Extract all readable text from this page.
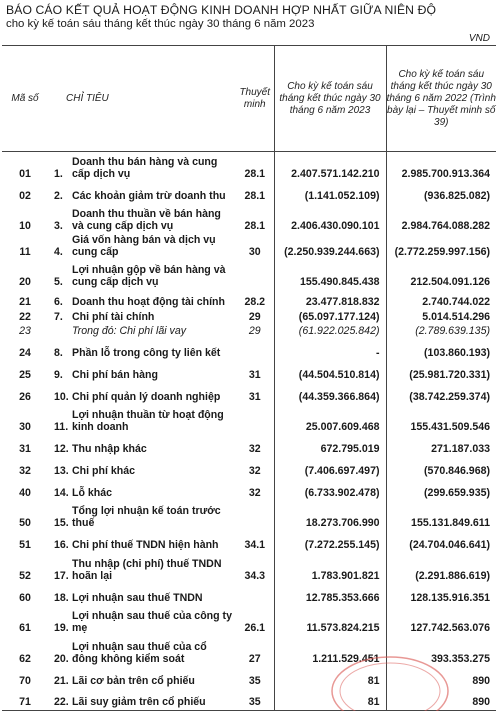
BÁO CÁO KẾT QUẢ HOẠT ĐỘNG KINH DOANH HỢP NHẤT GIỮA NIÊN ĐỘ
cho kỳ kế toán sáu tháng kết thúc ngày 30 tháng 6 năm 2023
VND
Mã số	CHỈ TIÊU		Thuyết minh	Cho kỳ kế toán sáu tháng kết thúc ngày 30 tháng 6 năm 2023	Cho kỳ kế toán sáu tháng kết thúc ngày 30 tháng 6 năm 2022 (Trình bày lại – Thuyết minh số 39)
01	1.	Doanh thu bán hàng và cung cấp dịch vụ	28.1	2.407.571.142.210	2.985.700.913.364
02	2.	Các khoản giảm trừ doanh thu	28.1	(1.141.052.109)	(936.825.082)
10	3.	Doanh thu thuần về bán hàng và cung cấp dịch vụ	28.1	2.406.430.090.101	2.984.764.088.282
11	4.	Giá vốn hàng bán và dịch vụ cung cấp	30	(2.250.939.244.663)	(2.772.259.997.156)
20	5.	Lợi nhuận gộp về bán hàng và cung cấp dịch vụ		155.490.845.438	212.504.091.126
21	6.	Doanh thu hoạt động tài chính	28.2	23.477.818.832	2.740.744.022
22	7.	Chi phí tài chính	29	(65.097.177.124)	5.014.514.296
23		Trong đó: Chi phí lãi vay	29	(61.922.025.842)	(2.789.639.135)
24	8.	Phần lỗ trong công ty liên kết		-	(103.860.193)
25	9.	Chi phí bán hàng	31	(44.504.510.814)	(25.981.720.331)
26	10.	Chi phí quản lý doanh nghiệp	31	(44.359.366.864)	(38.742.259.374)
30	11.	Lợi nhuận thuần từ hoạt động kinh doanh		25.007.609.468	155.431.509.546
31	12.	Thu nhập khác	32	672.795.019	271.187.033
32	13.	Chi phí khác	32	(7.406.697.497)	(570.846.968)
40	14.	Lỗ khác	32	(6.733.902.478)	(299.659.935)
50	15.	Tổng lợi nhuận kế toán trước thuế		18.273.706.990	155.131.849.611
51	16.	Chi phí thuế TNDN hiện hành	34.1	(7.272.255.145)	(24.704.046.641)
52	17.	Thu nhập (chi phí) thuế TNDN hoãn lại	34.3	1.783.901.821	(2.291.886.619)
60	18.	Lợi nhuận sau thuế TNDN		12.785.353.666	128.135.916.351
61	19.	Lợi nhuận sau thuế của công ty mẹ	26.1	11.573.824.215	127.742.563.076
62	20.	Lợi nhuận sau thuế của cổ đông không kiểm soát	27	1.211.529.451	393.353.275
70	21.	Lãi cơ bản trên cổ phiếu	35	81	890
71	22.	Lãi suy giảm trên cổ phiếu	35	81	890
